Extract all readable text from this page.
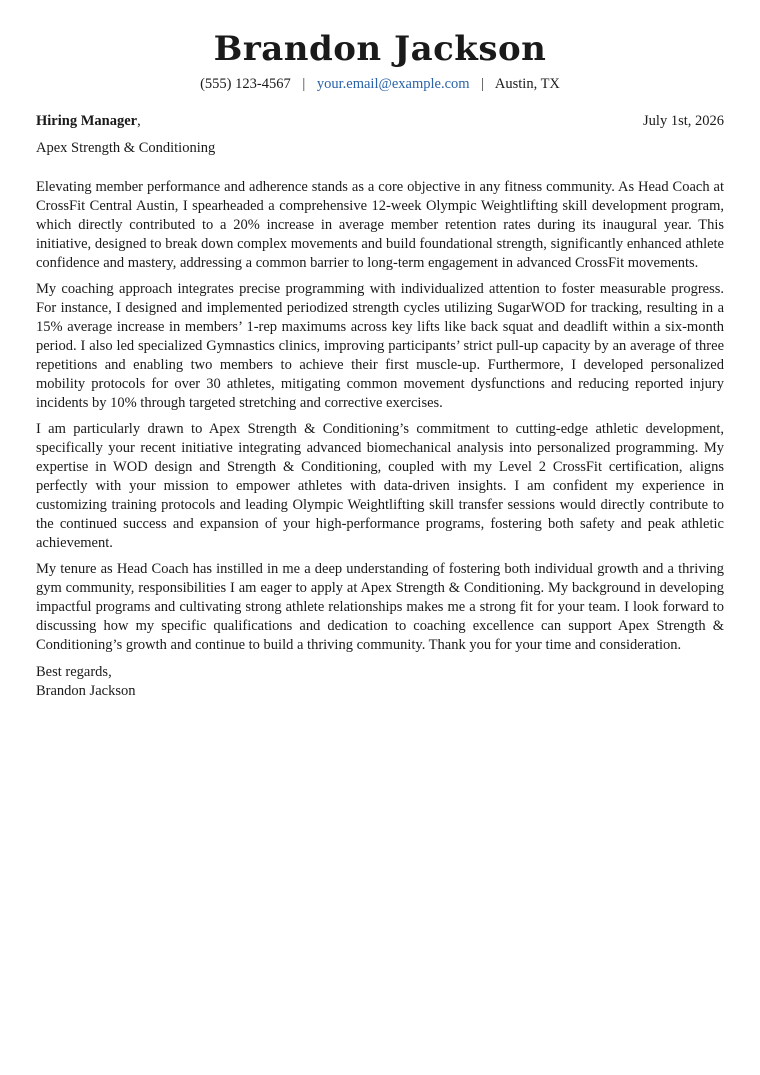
Brandon Jackson
(555) 123-4567 | your.email@example.com | Austin, TX
Hiring Manager,	July 1st, 2026
Apex Strength & Conditioning

Elevating member performance and adherence stands as a core objective in any fitness community. As Head Coach at CrossFit Central Austin, I spearheaded a comprehensive 12-week Olympic Weightlifting skill development program, which directly contributed to a 20% increase in average member retention rates during its inaugural year. This initiative, designed to break down complex movements and build foundational strength, significantly enhanced athlete confidence and mastery, addressing a common barrier to long-term engagement in advanced CrossFit movements.

My coaching approach integrates precise programming with individualized attention to foster measurable progress. For instance, I designed and implemented periodized strength cycles utilizing SugarWOD for tracking, resulting in a 15% average increase in members’ 1-rep maximums across key lifts like back squat and deadlift within a six-month period. I also led specialized Gymnastics clinics, improving participants’ strict pull-up capacity by an average of three repetitions and enabling two members to achieve their first muscle-up. Furthermore, I developed personalized mobility protocols for over 30 athletes, mitigating common movement dysfunctions and reducing reported injury incidents by 10% through targeted stretching and corrective exercises.

I am particularly drawn to Apex Strength & Conditioning’s commitment to cutting-edge athletic development, specifically your recent initiative integrating advanced biomechanical analysis into personalized programming. My expertise in WOD design and Strength & Conditioning, coupled with my Level 2 CrossFit certification, aligns perfectly with your mission to empower athletes with data-driven insights. I am confident my experience in customizing training protocols and leading Olympic Weightlifting skill transfer sessions would directly contribute to the continued success and expansion of your high-performance programs, fostering both safety and peak athletic achievement.

My tenure as Head Coach has instilled in me a deep understanding of fostering both individual growth and a thriving gym community, responsibilities I am eager to apply at Apex Strength & Conditioning. My background in developing impactful programs and cultivating strong athlete relationships makes me a strong fit for your team. I look forward to discussing how my specific qualifications and dedication to coaching excellence can support Apex Strength & Conditioning’s growth and continue to build a thriving community. Thank you for your time and consideration.

Best regards,
Brandon Jackson
